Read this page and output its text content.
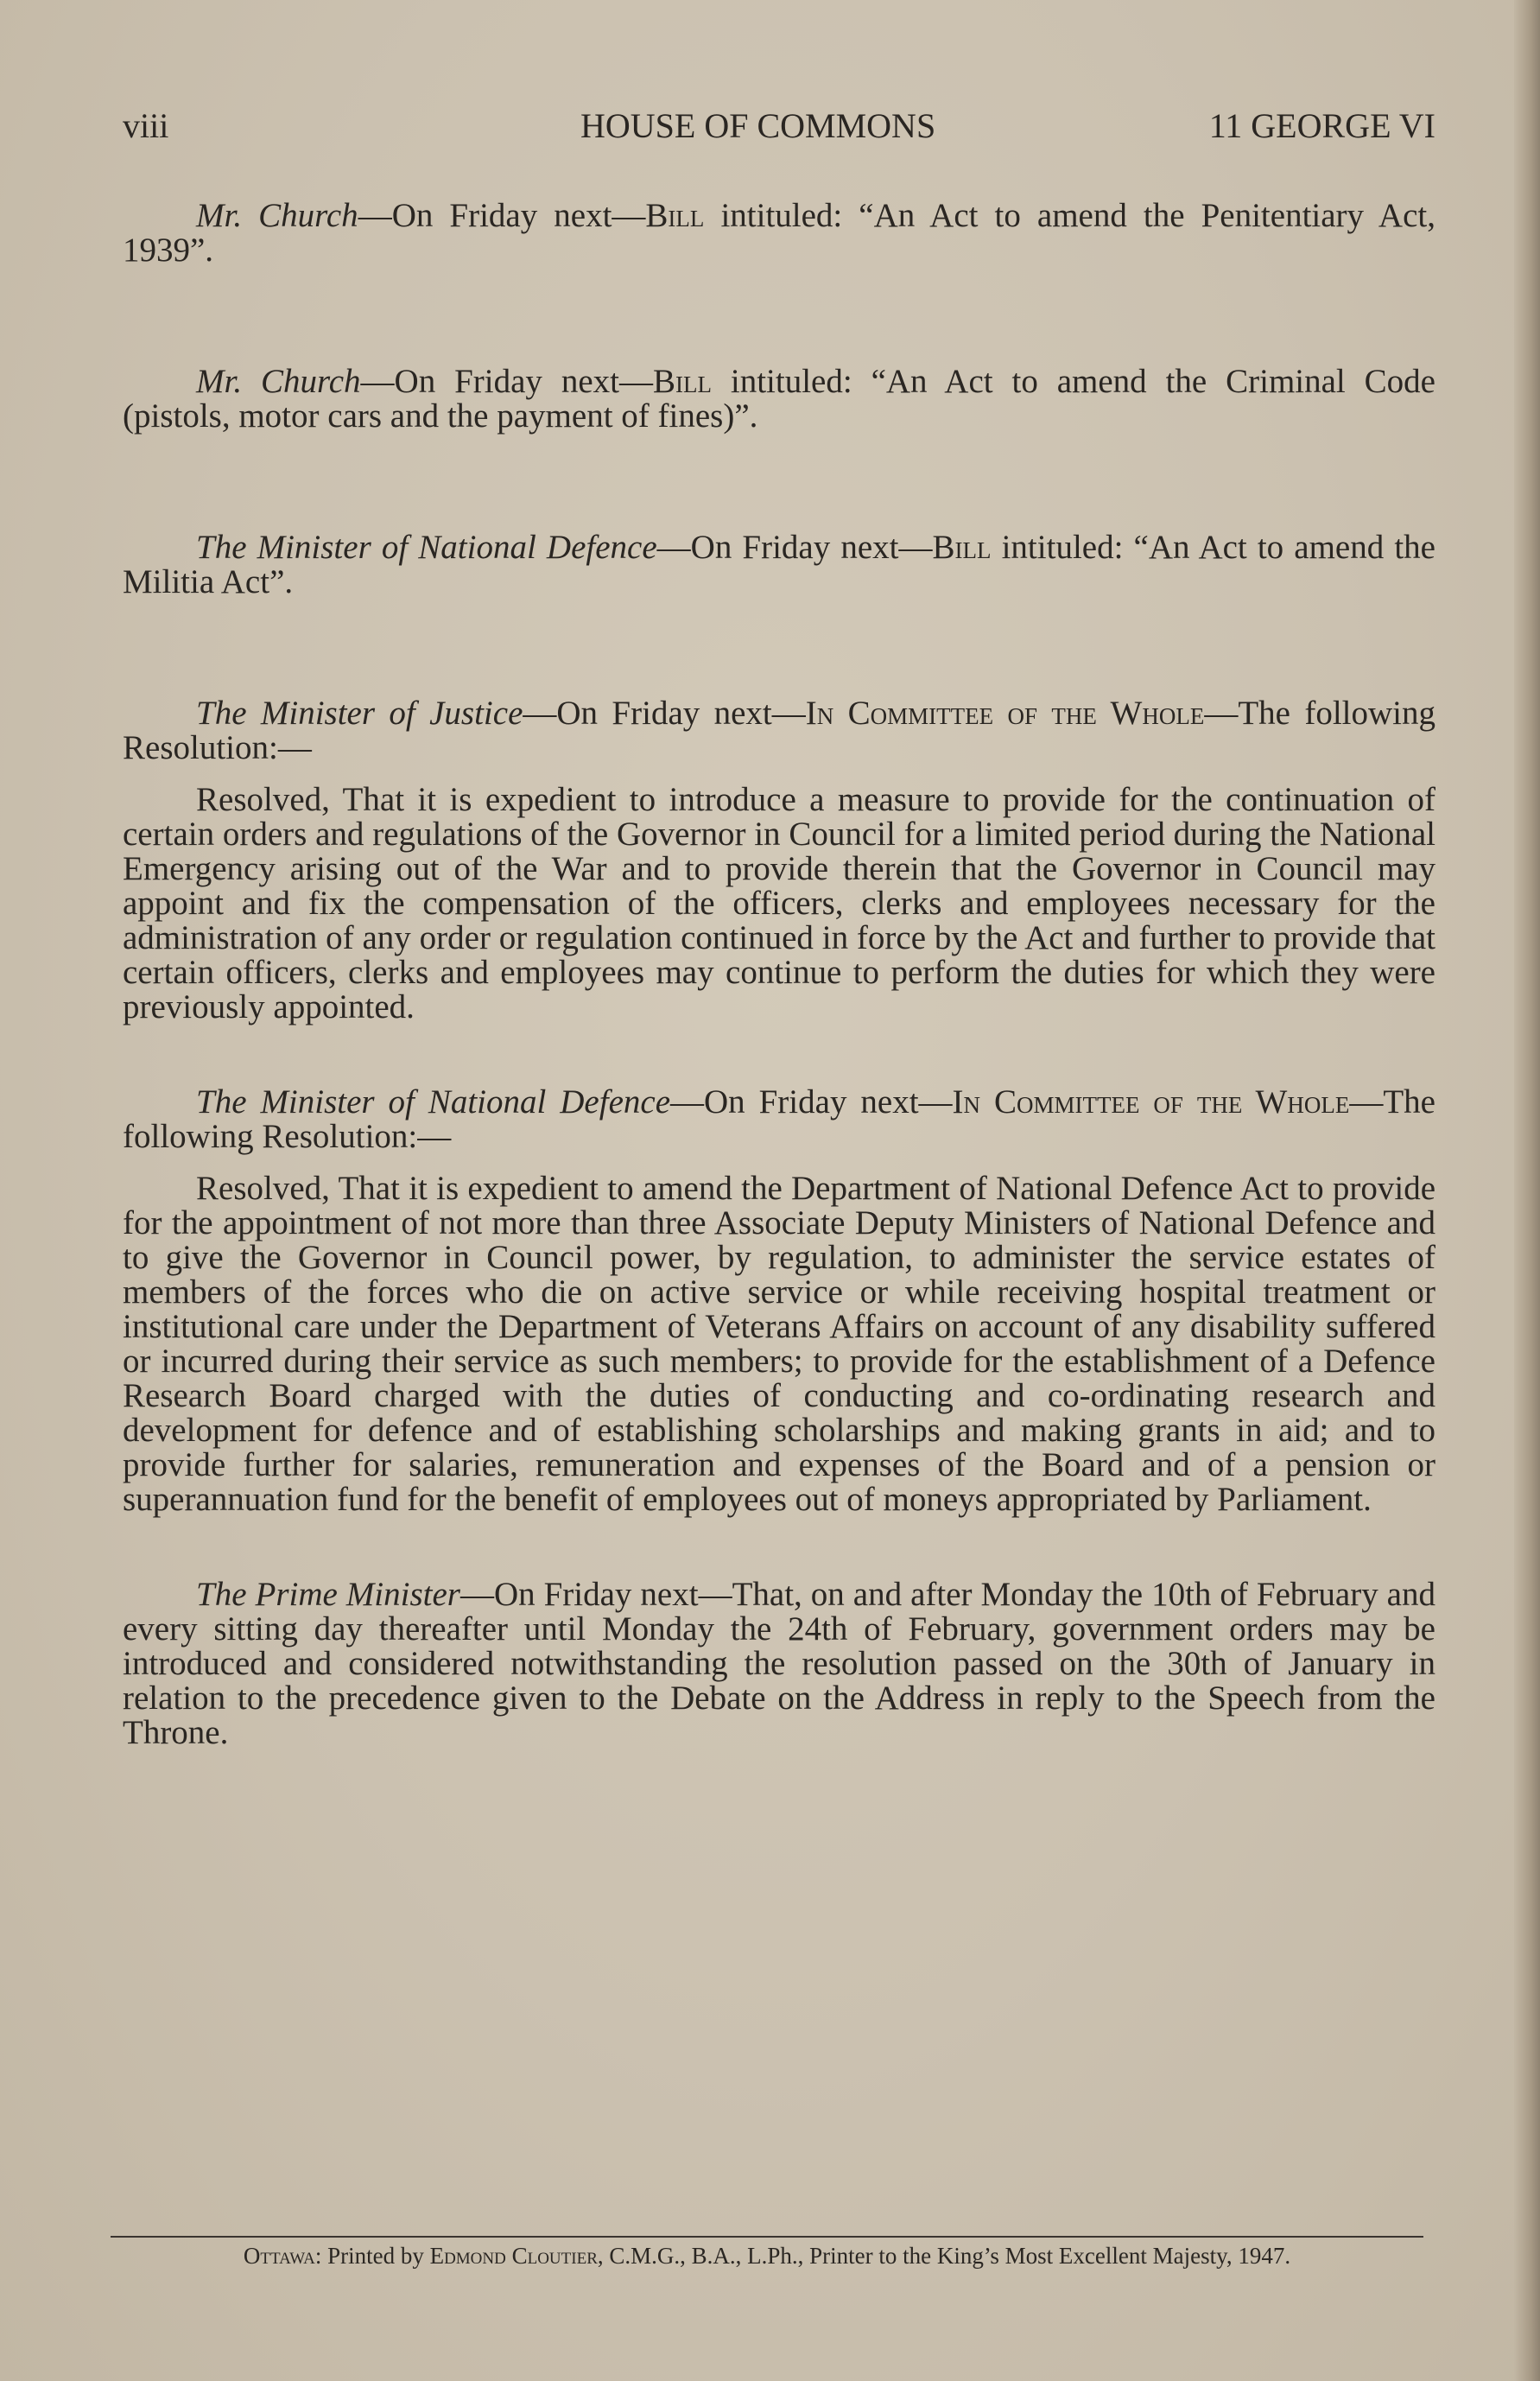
viii	HOUSE OF COMMONS	11 GEORGE VI

Mr. Church—On Friday next—Bill intituled: “An Act to amend the Penitentiary Act, 1939”.

Mr. Church—On Friday next—Bill intituled: “An Act to amend the Criminal Code (pistols, motor cars and the payment of fines)”.

The Minister of National Defence—On Friday next—Bill intituled: “An Act to amend the Militia Act”.

The Minister of Justice—On Friday next—In Committee of the Whole—The following Resolution:—

Resolved, That it is expedient to introduce a measure to provide for the continuation of certain orders and regulations of the Governor in Council for a limited period during the National Emergency arising out of the War and to provide therein that the Governor in Council may appoint and fix the compensation of the officers, clerks and employees necessary for the administration of any order or regulation continued in force by the Act and further to provide that certain officers, clerks and employees may continue to perform the duties for which they were previously appointed.

The Minister of National Defence—On Friday next—In Committee of the Whole—The following Resolution:—

Resolved, That it is expedient to amend the Department of National Defence Act to provide for the appointment of not more than three Associate Deputy Ministers of National Defence and to give the Governor in Council power, by regulation, to administer the service estates of members of the forces who die on active service or while receiving hospital treatment or institutional care under the Department of Veterans Affairs on account of any disability suffered or incurred during their service as such members; to provide for the establishment of a Defence Research Board charged with the duties of conducting and co-ordinating research and development for defence and of establishing scholarships and making grants in aid; and to provide further for salaries, remuneration and expenses of the Board and of a pension or superannuation fund for the benefit of employees out of moneys appropriated by Parliament.

The Prime Minister—On Friday next—That, on and after Monday the 10th of February and every sitting day thereafter until Monday the 24th of February, government orders may be introduced and considered notwithstanding the resolution passed on the 30th of January in relation to the precedence given to the Debate on the Address in reply to the Speech from the Throne.

Ottawa: Printed by Edmond Cloutier, C.M.G., B.A., L.Ph., Printer to the King’s Most Excellent Majesty, 1947.
